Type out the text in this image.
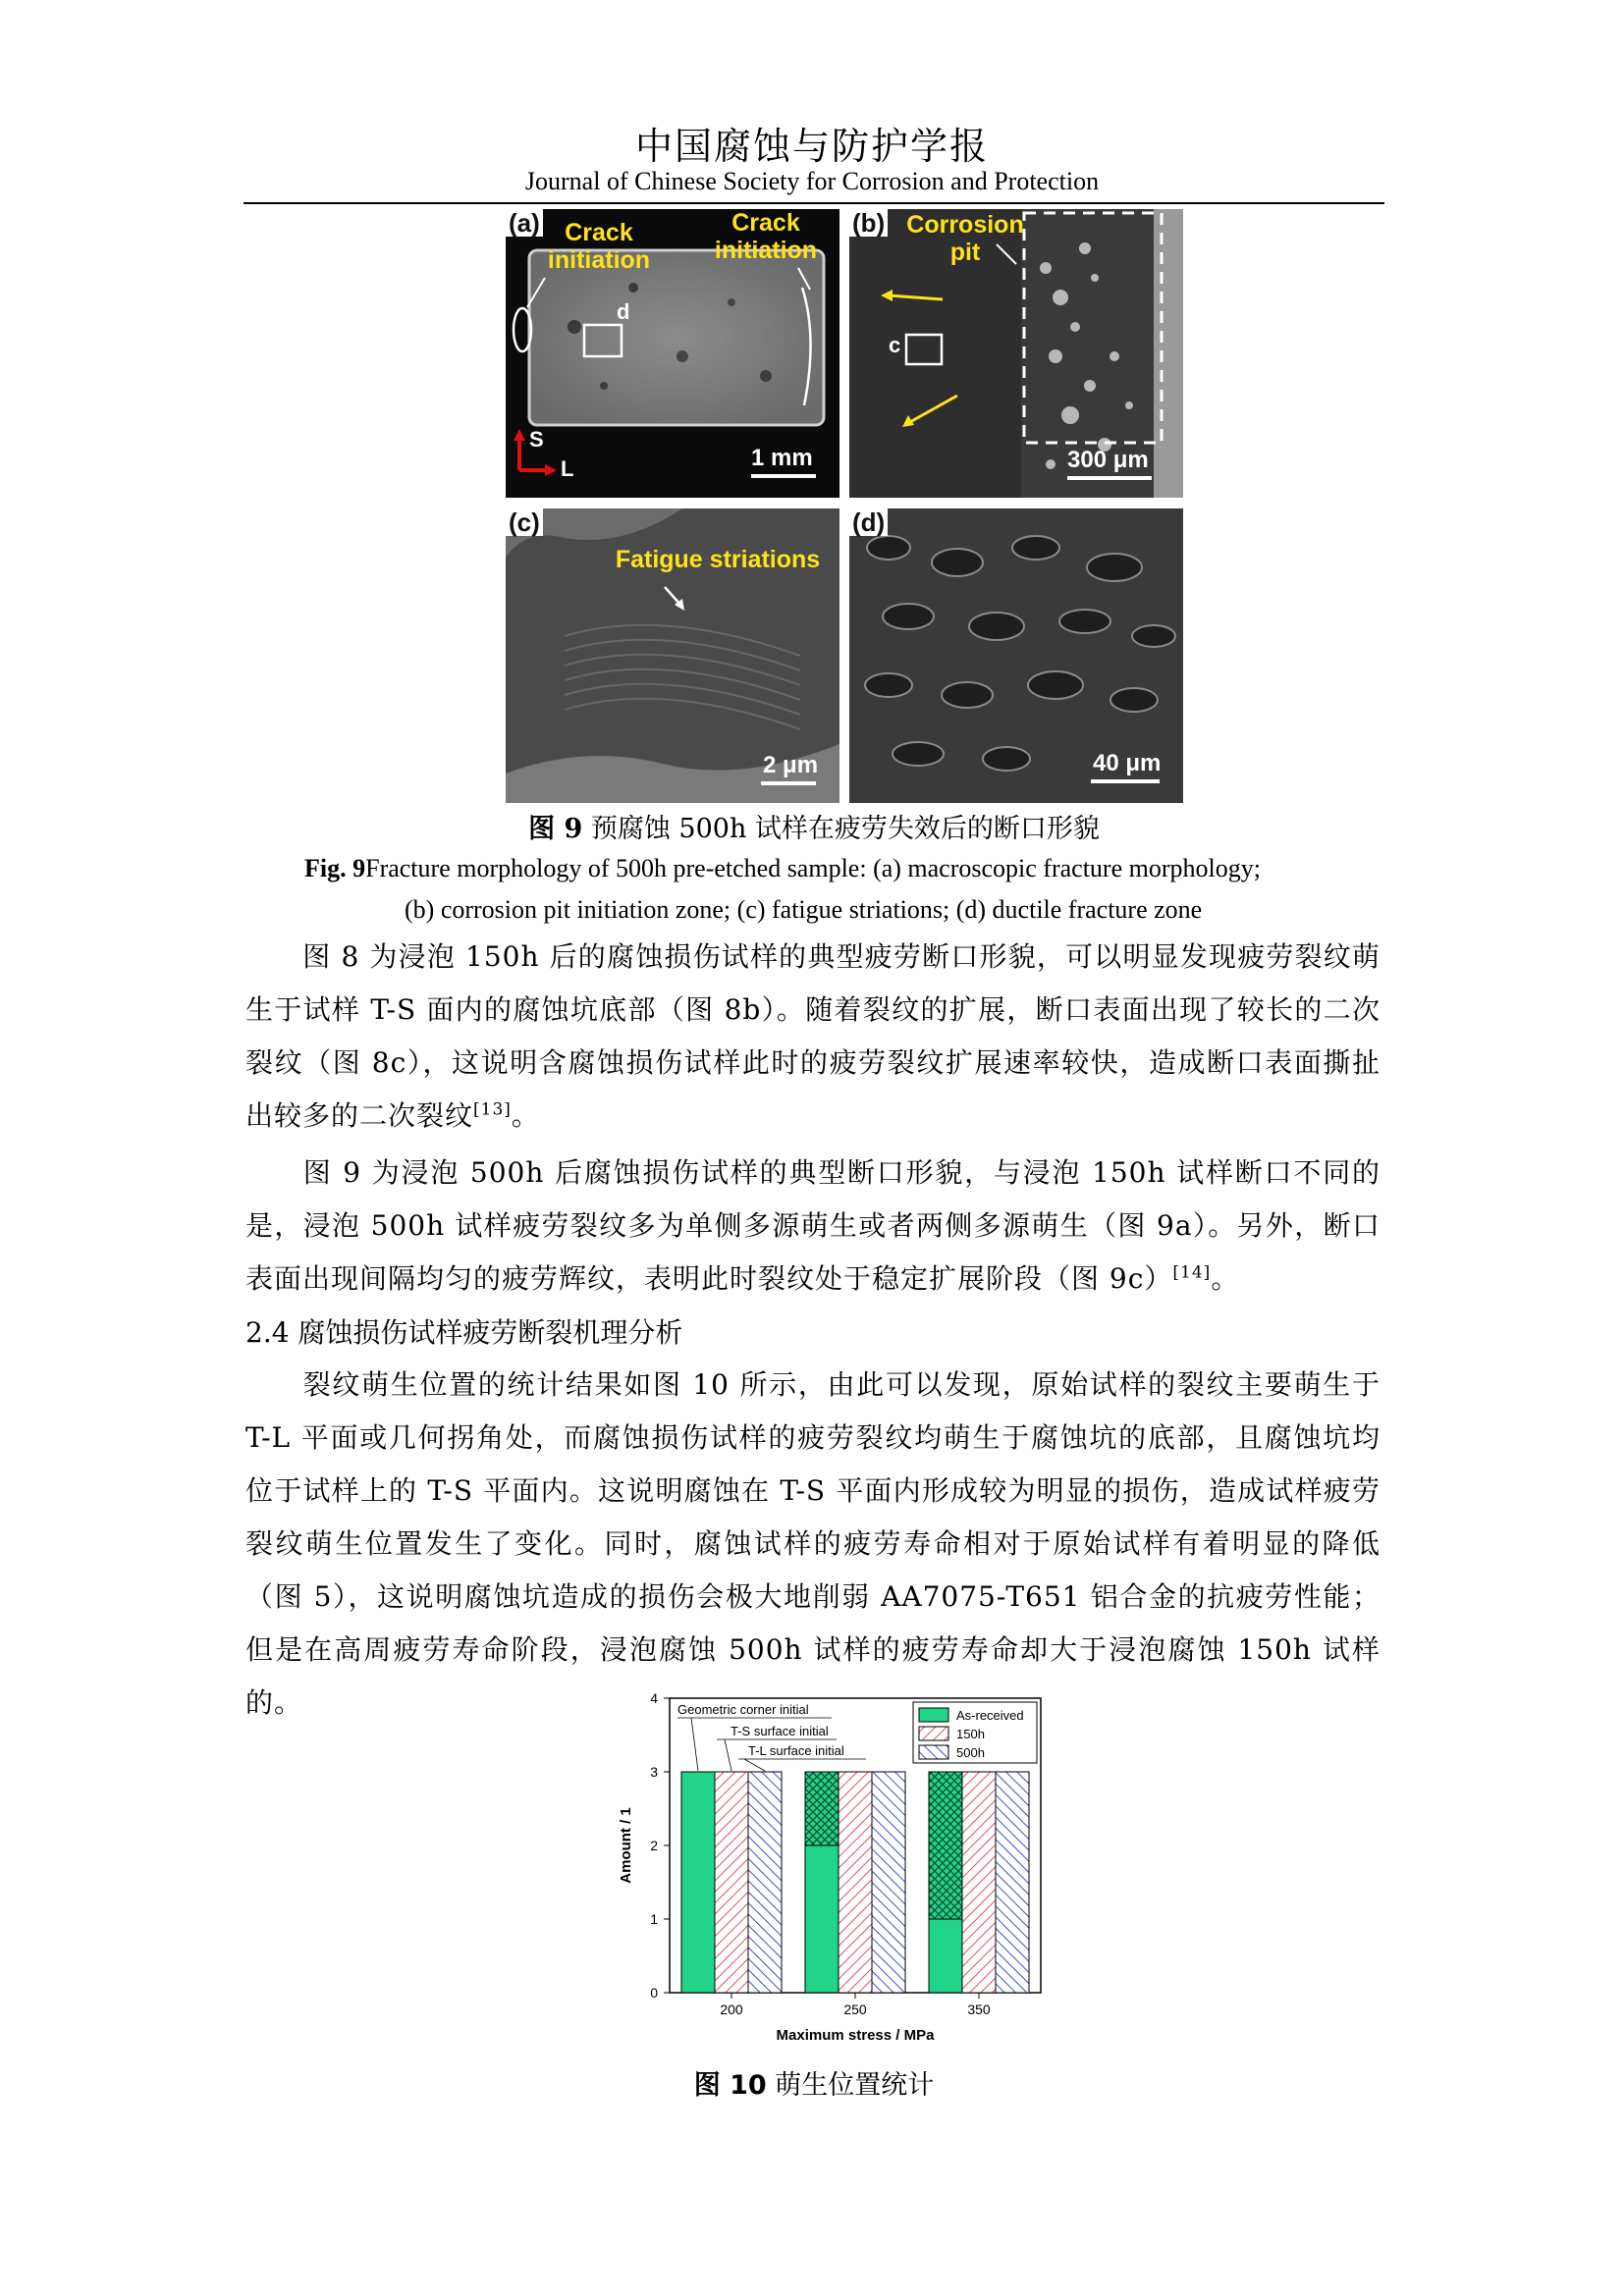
中国腐蚀与防护学报
Journal of Chinese Society for Corrosion and Protection
(a)	Crack initiation
Crack initiation
d
S
L	1 mm
(b) Corrosion pit
c
300 μm
(c)
Fatigue striations
2 μm
(d)
40 μm
图 9 预腐蚀 500h 试样在疲劳失效后的断口形貌
Fig. 9Fracture morphology of 500h pre-etched sample: (a) macroscopic fracture morphology;
(b) corrosion pit initiation zone; (c) fatigue striations; (d) ductile fracture zone
图 8 为浸泡 150h 后的腐蚀损伤试样的典型疲劳断口形貌，可以明显发现疲劳裂纹萌生于试样 T-S 面内的腐蚀坑底部（图 8b）。随着裂纹的扩展，断口表面出现了较长的二次裂纹（图 8c），这说明含腐蚀损伤试样此时的疲劳裂纹扩展速率较快，造成断口表面撕扯出较多的二次裂纹[13]。
图 9 为浸泡 500h 后腐蚀损伤试样的典型断口形貌，与浸泡 150h 试样断口不同的是，浸泡 500h 试样疲劳裂纹多为单侧多源萌生或者两侧多源萌生（图 9a）。另外，断口表面出现间隔均匀的疲劳辉纹，表明此时裂纹处于稳定扩展阶段（图 9c）[14]。
2.4 腐蚀损伤试样疲劳断裂机理分析
裂纹萌生位置的统计结果如图 10 所示，由此可以发现，原始试样的裂纹主要萌生于 T-L 平面或几何拐角处，而腐蚀损伤试样的疲劳裂纹均萌生于腐蚀坑的底部，且腐蚀坑均位于试样上的 T-S 平面内。这说明腐蚀在 T-S 平面内形成较为明显的损伤，造成试样疲劳裂纹萌生位置发生了变化。同时，腐蚀试样的疲劳寿命相对于原始试样有着明显的降低（图 5），这说明腐蚀坑造成的损伤会极大地削弱 AA7075-T651 铝合金的抗疲劳性能；但是在高周疲劳寿命阶段，浸泡腐蚀 500h 试样的疲劳寿命却大于浸泡腐蚀 150h 试样的。
0
1
2
3
4
200	250	350
Maximum stress / MPa
Amount / 1
Geometric corner initial
T-S surface initial
T-L surface initial
As-received
150h
500h
图 10 萌生位置统计
